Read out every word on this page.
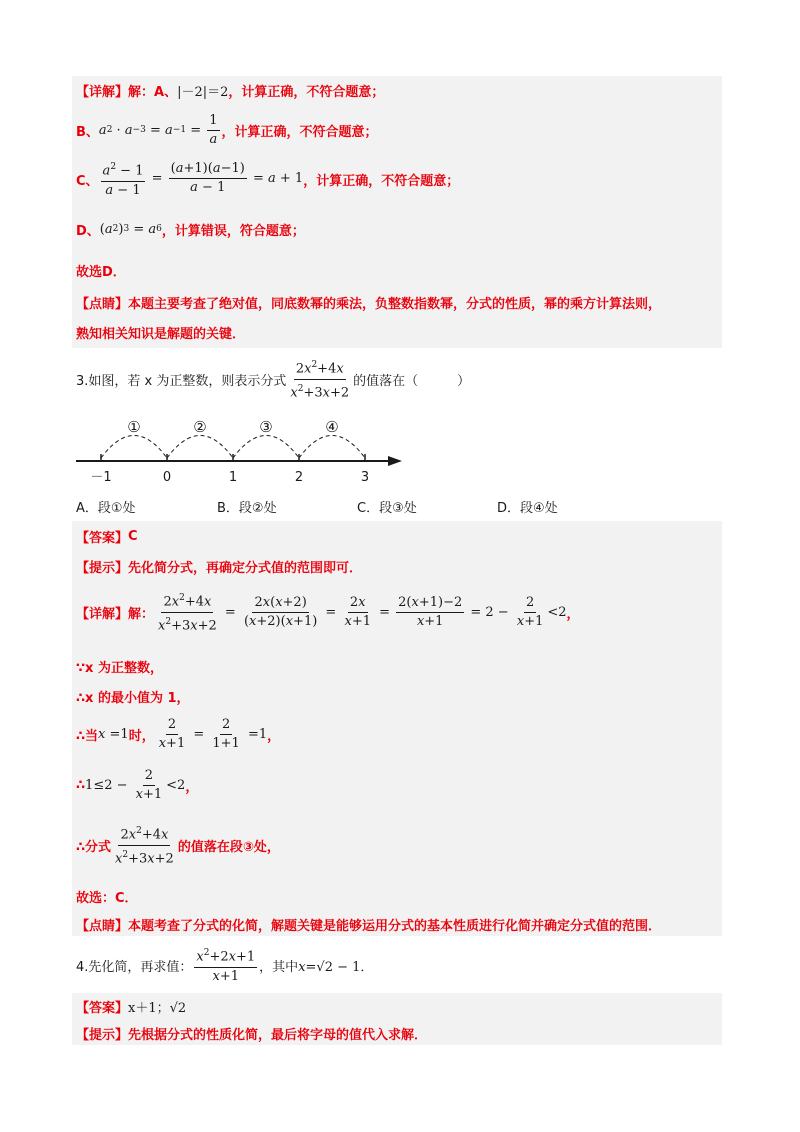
【详解】 解： A、 |－2|＝2 ，计算正确，不符合题意；
B、 a $2 \cdot a -3 = a -1 = \frac{1}{a}$ ，计算正确，不符合题意；
C、 $\frac{a^2 - 1}{a - 1} = \frac{(a+1)(a-1)}{a - 1} = a + 1$ ，计算正确，不符合题意；
D、 ( a 2 ) 3 = a 6 ，计算错误，符合题意；
故选D．
【点睛】 本题主要考查了绝对值，同底数幂的乘法，负整数指数幂，分式的性质，幂的乘方计算法则，
熟知相关知识是解题的关键．
3.如图，若 x 为正整数，则表示分式 $\frac{2x^2+4x}{x^2+3x+2}$ 的值落在（　　　）
－1	0	1	2	3
①	②	③	④
A．段①处	B．段②处	C．段③处	D．段④处
【答案】 C
【提示】 先化简分式，再确定分式值的范围即可．
【详解】 解： $\frac{2x^2+4x}{x^2+3x+2} = \frac{2x(x+2)}{(x+2)(x+1)} = \frac{2x}{x+1} = \frac{2(x+1)-2}{x+1} = 2 - \frac{2}{x+1} <2$ ，
∵x 为正整数，
∴x 的最小值为 1，
∴当 x =1 时， $\frac{2}{x+1} = \frac{2}{1+1} =1$ ，
∴ $1\le 2 - \frac{2}{x+1} <2$ ，
∴分式 $\frac{2x^2+4x}{x^2+3x+2}$ 的值落在段③处，
故选：C．
【点睛】 本题考查了分式的化简，解题关键是能够运用分式的基本性质进行化简并确定分式值的范围．
4.先化简，再求值： $\frac{x^2+2x+1}{x+1}$ ，其中 x=√2 − 1．
【答案】 x＋1；√2
【提示】 先根据分式的性质化简，最后将字母的值代入求解．
